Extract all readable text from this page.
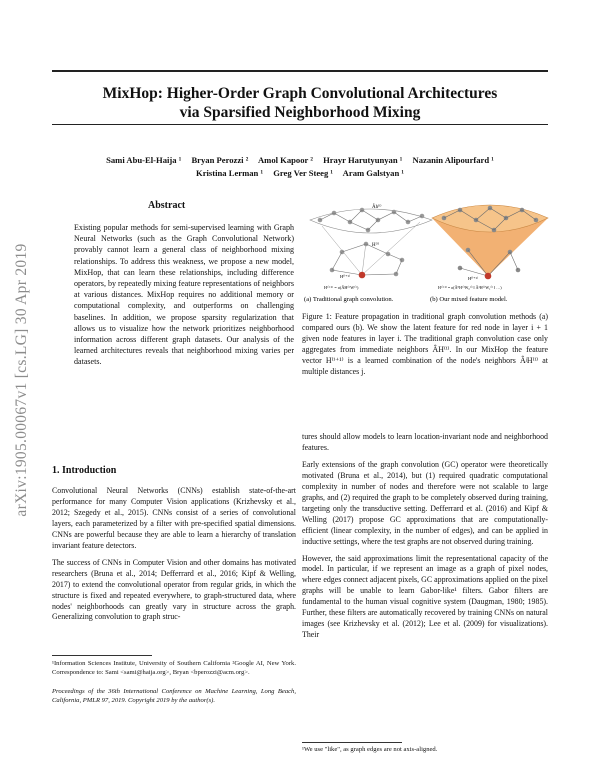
arXiv:1905.00067v1 [cs.LG] 30 Apr 2019
MixHop: Higher-Order Graph Convolutional Architectures
via Sparsified Neighborhood Mixing
Sami Abu-El-Haija ¹ Bryan Perozzi ² Amol Kapoor ² Hrayr Harutyunyan ¹ Nazanin Alipourfard ¹
Kristina Lerman ¹ Greg Ver Steeg ¹ Aram Galstyan ¹
Abstract
Existing popular methods for semi-supervised learning with Graph Neural Networks (such as the Graph Convolutional Network) provably cannot learn a general class of neighborhood mixing relationships. To address this weakness, we propose a new model, MixHop, that can learn these relationships, including difference operators, by repeatedly mixing feature representations of neighbors at various distances. MixHop requires no additional memory or computational complexity, and outperforms on challenging baselines. In addition, we propose sparsity regularization that allows us to visualize how the network prioritizes neighborhood information across different graph datasets. Our analysis of the learned architectures reveals that neighborhood mixing varies per datasets.
1. Introduction

Convolutional Neural Networks (CNNs) establish state-of-the-art performance for many Computer Vision applications (Krizhevsky et al., 2012; Szegedy et al., 2015). CNNs consist of a series of convolutional layers, each parameterized by a filter with pre-specified spatial dimensions. CNNs are powerful because they are able to learn a hierarchy of translation invariant feature detectors.

The success of CNNs in Computer Vision and other domains has motivated researchers (Bruna et al., 2014; Defferrard et al., 2016; Kipf & Welling, 2017) to extend the convolutional operator from regular grids, in which the structure is fixed and repeated everywhere, to graph-structured data, where nodes' neighborhoods can greatly vary in structure across the graph. Generalizing convolution to graph struc-

¹Information Sciences Institute, University of Southern California ²Google AI, New York. Correspondence to: Sami <sami@haija.org>, Bryan <bperozzi@acm.org>.
Proceedings of the 36th International Conference on Machine Learning, Long Beach, California, PMLR 97, 2019. Copyright 2019 by the author(s).
Âh⁽ⁱ⁾
H⁽ⁱ⁾
H⁽ⁱ⁺¹⁾
H⁽ⁱ⁺¹⁾ = σ(ÂH⁽ⁱ⁾W⁽ⁱ⁾)
H⁽ⁱ⁺¹⁾
H⁽ⁱ⁺¹⁾ = σ(Â⁰H⁽ⁱ⁾W₀⁽ⁱ⁾ ‖ Â¹H⁽ⁱ⁾W₁⁽ⁱ⁾ ‖ …)
(a) Traditional graph convolution.	(b) Our mixed feature model.
Figure 1: Feature propagation in traditional graph convolution methods (a) compared ours (b). We show the latent feature for red node in layer i + 1 given node features in layer i. The traditional graph convolution case only aggregates from immediate neighbors ÂH⁽ⁱ⁾. In our MixHop the feature vector H⁽ⁱ⁺¹⁾ is a learned combination of the node's neighbors ÂʲH⁽ⁱ⁾ at multiple distances j.

tures should allow models to learn location-invariant node and neighborhood features.

Early extensions of the graph convolution (GC) operator were theoretically motivated (Bruna et al., 2014), but (1) required quadratic computational complexity in number of nodes and therefore were not scalable to large graphs, and (2) required the graph to be completely observed during training, targeting only the transductive setting. Defferrard et al. (2016) and Kipf & Welling (2017) propose GC approximations that are computationally-efficient (linear complexity, in the number of edges), and can be applied in inductive settings, where the test graphs are not observed during training.

However, the said approximations limit the representational capacity of the model. In particular, if we represent an image as a graph of pixel nodes, where edges connect adjacent pixels, GC approximations applied on the pixel graphs will be unable to learn Gabor-like¹ filters. Gabor filters are fundamental to the human visual cognitive system (Daugman, 1980; 1985). Further, these filters are automatically recovered by training CNNs on natural images (see Krizhevsky et al. (2012); Lee et al. (2009) for visualizations). Their

¹We use "like", as graph edges are not axis-aligned.
